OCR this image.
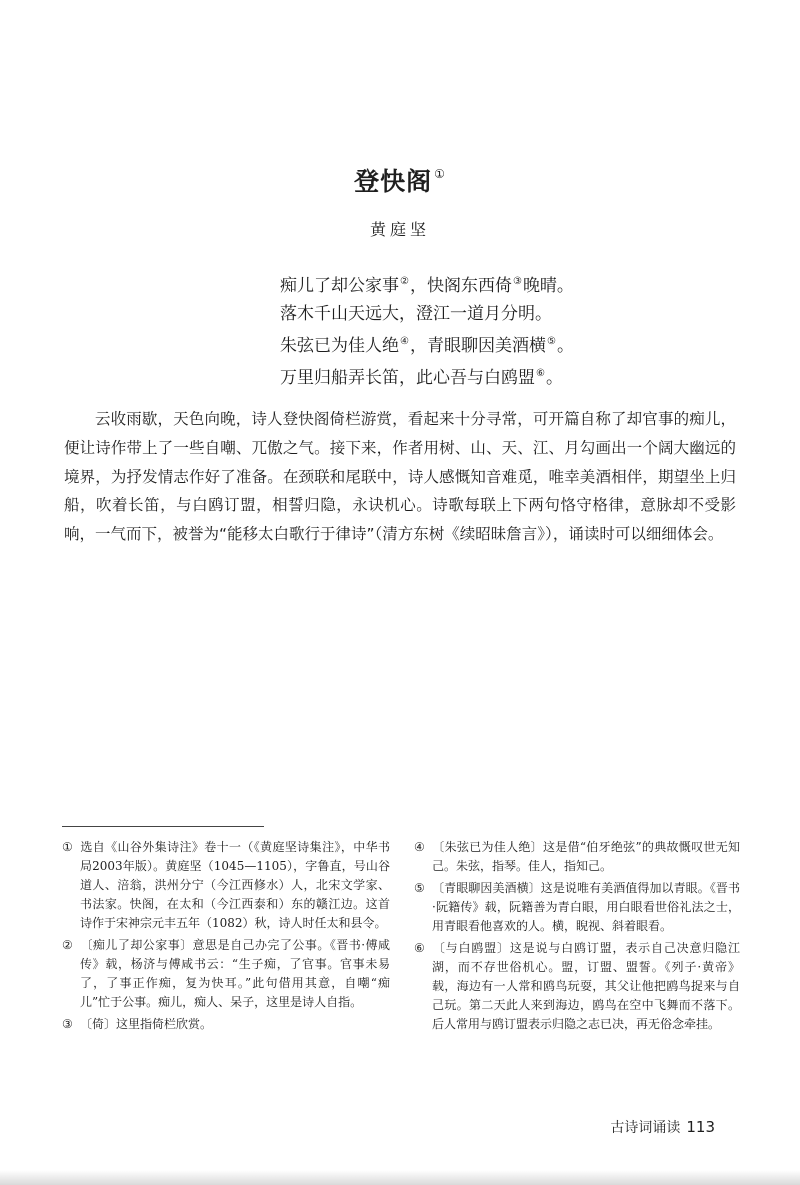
登快阁 ①
黄庭坚
痴儿了却公家事②，快阁东西倚③晚晴。
落木千山天远大，澄江一道月分明。
朱弦已为佳人绝④，青眼聊因美酒横⑤。
万里归船弄长笛，此心吾与白鸥盟⑥。

云收雨歇，天色向晚，诗人登快阁倚栏游赏，看起来十分寻常，可开篇自称了却官事的痴儿，便让诗作带上了一些自嘲、兀傲之气。接下来，作者用树、山、天、江、月勾画出一个阔大幽远的境界，为抒发情志作好了准备。在颈联和尾联中，诗人感慨知音难觅，唯幸美酒相伴，期望坐上归船，吹着长笛，与白鸥订盟，相誓归隐，永诀机心。诗歌每联上下两句恪守格律，意脉却不受影响，一气而下，被誉为“能移太白歌行于律诗”（清方东树《续昭昧詹言》），诵读时可以细细体会。

① 选自《山谷外集诗注》卷十一（《黄庭坚诗集注》，中华书局2003年版）。黄庭坚（1045—1105），字鲁直，号山谷道人、涪翁，洪州分宁（今江西修水）人，北宋文学家、书法家。快阁，在太和（今江西泰和）东的赣江边。这首诗作于宋神宗元丰五年（1082）秋，诗人时任太和县令。
② 〔痴儿了却公家事〕意思是自己办完了公事。《晋书·傅咸传》载，杨济与傅咸书云：“生子痴，了官事。官事未易了，了事正作痴，复为快耳。”此句借用其意，自嘲“痴儿”忙于公事。痴儿，痴人、呆子，这里是诗人自指。
③ 〔倚〕这里指倚栏欣赏。
④ 〔朱弦已为佳人绝〕这是借“伯牙绝弦”的典故慨叹世无知己。朱弦，指琴。佳人，指知己。
⑤ 〔青眼聊因美酒横〕这是说唯有美酒值得加以青眼。《晋书·阮籍传》载，阮籍善为青白眼，用白眼看世俗礼法之士，用青眼看他喜欢的人。横，睨视、斜着眼看。
⑥ 〔与白鸥盟〕这是说与白鸥订盟，表示自己决意归隐江湖，而不存世俗机心。盟，订盟、盟誓。《列子·黄帝》载，海边有一人常和鸥鸟玩耍，其父让他把鸥鸟捉来与自己玩。第二天此人来到海边，鸥鸟在空中飞舞而不落下。后人常用与鸥订盟表示归隐之志已决，再无俗念牵挂。
古诗词诵读 113
